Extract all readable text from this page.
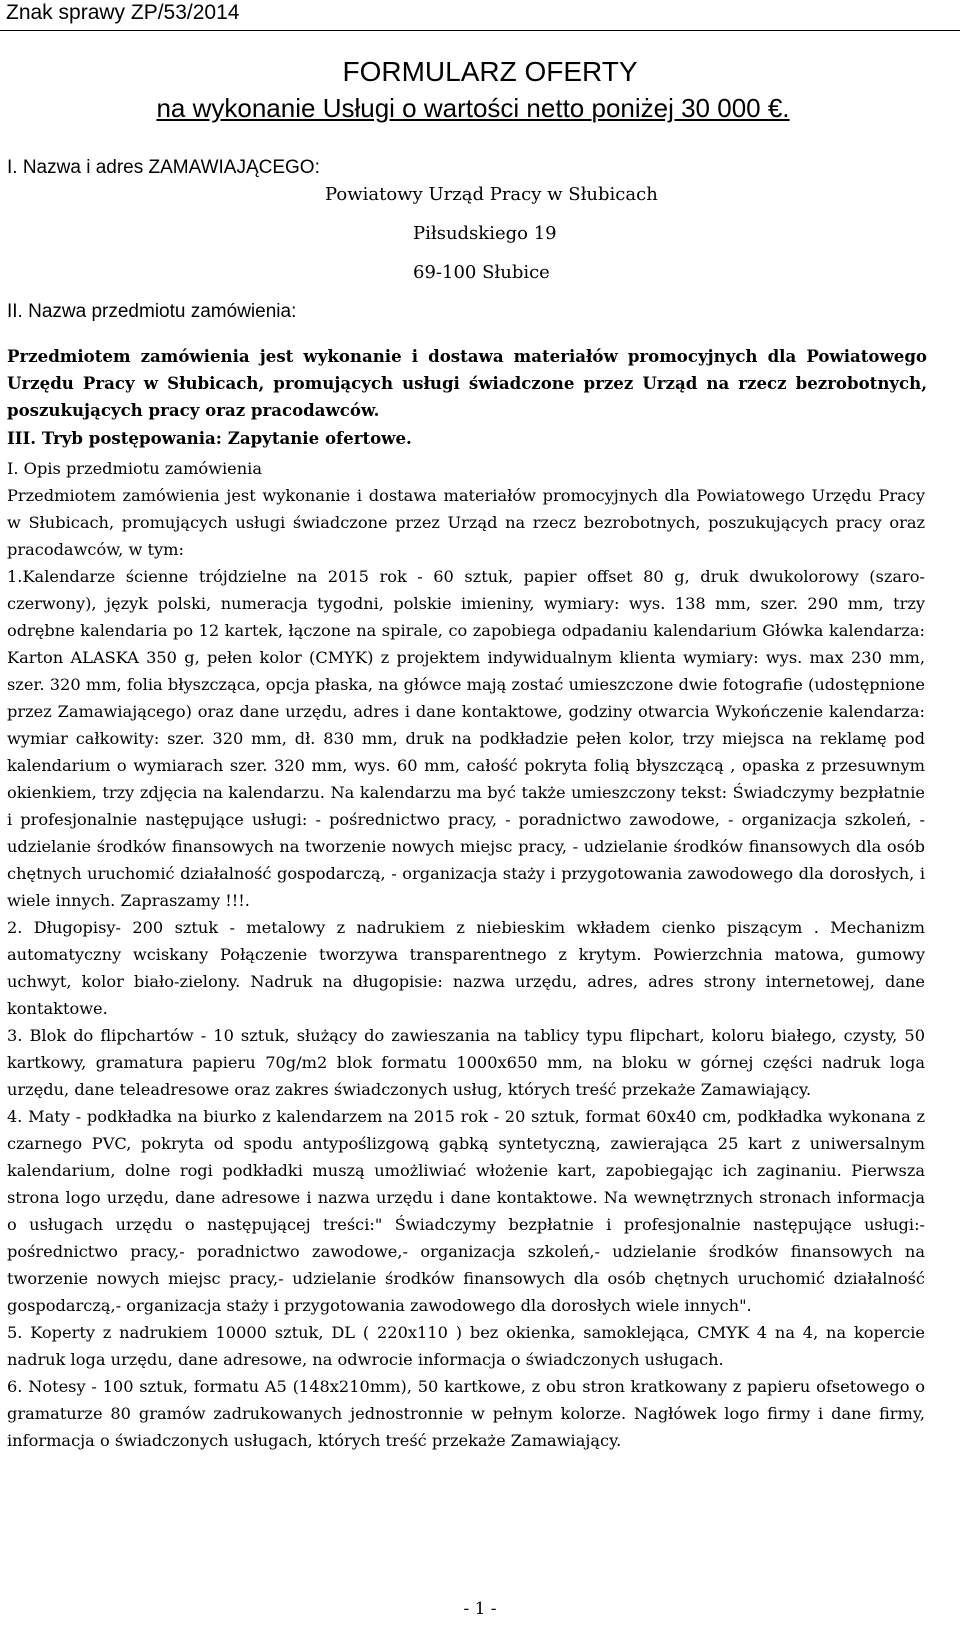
Znak sprawy ZP/53/2014
FORMULARZ OFERTY
na wykonanie Usługi o wartości netto poniżej 30 000 €.
I. Nazwa i adres ZAMAWIAJĄCEGO:
Powiatowy Urząd Pracy w Słubicach
Piłsudskiego 19
69-100 Słubice
II. Nazwa przedmiotu zamówienia:
Przedmiotem zamówienia jest wykonanie i dostawa materiałów promocyjnych dla Powiatowego Urzędu Pracy w Słubicach, promujących usługi świadczone przez Urząd na rzecz bezrobotnych, poszukujących pracy oraz pracodawców.
III. Tryb postępowania: Zapytanie ofertowe.

I. Opis przedmiotu zamówienia

Przedmiotem zamówienia jest wykonanie i dostawa materiałów promocyjnych dla Powiatowego Urzędu Pracy w Słubicach, promujących usługi świadczone przez Urząd na rzecz bezrobotnych, poszukujących pracy oraz pracodawców, w tym:

1.Kalendarze ścienne trójdzielne na 2015 rok - 60 sztuk, papier offset 80 g, druk dwukolorowy (szaro-czerwony), język polski, numeracja tygodni, polskie imieniny, wymiary: wys. 138 mm, szer. 290 mm, trzy odrębne kalendaria po 12 kartek, łączone na spirale, co zapobiega odpadaniu kalendarium Główka kalendarza: Karton ALASKA 350 g, pełen kolor (CMYK) z projektem indywidualnym klienta wymiary: wys. max 230 mm, szer. 320 mm, folia błyszcząca, opcja płaska, na główce mają zostać umieszczone dwie fotografie (udostępnione przez Zamawiającego) oraz dane urzędu, adres i dane kontaktowe, godziny otwarcia Wykończenie kalendarza: wymiar całkowity: szer. 320 mm, dł. 830 mm, druk na podkładzie pełen kolor, trzy miejsca na reklamę pod kalendarium o wymiarach szer. 320 mm, wys. 60 mm, całość pokryta folią błyszczącą , opaska z przesuwnym okienkiem, trzy zdjęcia na kalendarzu. Na kalendarzu ma być także umieszczony tekst: Świadczymy bezpłatnie i profesjonalnie następujące usługi: - pośrednictwo pracy, - poradnictwo zawodowe, - organizacja szkoleń, - udzielanie środków finansowych na tworzenie nowych miejsc pracy, - udzielanie środków finansowych dla osób chętnych uruchomić działalność gospodarczą, - organizacja staży i przygotowania zawodowego dla dorosłych, i wiele innych. Zapraszamy !!!.

2. Długopisy- 200 sztuk - metalowy z nadrukiem z niebieskim wkładem cienko piszącym . Mechanizm automatyczny wciskany Połączenie tworzywa transparentnego z krytym. Powierzchnia matowa, gumowy uchwyt, kolor biało-zielony. Nadruk na długopisie: nazwa urzędu, adres, adres strony internetowej, dane kontaktowe.

3. Blok do flipchartów - 10 sztuk, służący do zawieszania na tablicy typu flipchart, koloru białego, czysty, 50 kartkowy, gramatura papieru 70g/m2 blok formatu 1000x650 mm, na bloku w górnej części nadruk loga urzędu, dane teleadresowe oraz zakres świadczonych usług, których treść przekaże Zamawiający.

4. Maty - podkładka na biurko z kalendarzem na 2015 rok - 20 sztuk, format 60x40 cm, podkładka wykonana z czarnego PVC, pokryta od spodu antypoślizgową gąbką syntetyczną, zawierająca 25 kart z uniwersalnym kalendarium, dolne rogi podkładki muszą umożliwiać włożenie kart, zapobiegając ich zaginaniu. Pierwsza strona logo urzędu, dane adresowe i nazwa urzędu i dane kontaktowe. Na wewnętrznych stronach informacja o usługach urzędu o następującej treści:" Świadczymy bezpłatnie i profesjonalnie następujące usługi:- pośrednictwo pracy,- poradnictwo zawodowe,- organizacja szkoleń,- udzielanie środków finansowych na tworzenie nowych miejsc pracy,- udzielanie środków finansowych dla osób chętnych uruchomić działalność gospodarczą,- organizacja staży i przygotowania zawodowego dla dorosłych wiele innych".

5. Koperty z nadrukiem 10000 sztuk, DL ( 220x110 ) bez okienka, samoklejąca, CMYK 4 na 4, na kopercie nadruk loga urzędu, dane adresowe, na odwrocie informacja o świadczonych usługach.

6. Notesy - 100 sztuk, formatu A5 (148x210mm), 50 kartkowe, z obu stron kratkowany z papieru ofsetowego o gramaturze 80 gramów zadrukowanych jednostronnie w pełnym kolorze. Nagłówek logo firmy i dane firmy, informacja o świadczonych usługach, których treść przekaże Zamawiający.

- 1 -
